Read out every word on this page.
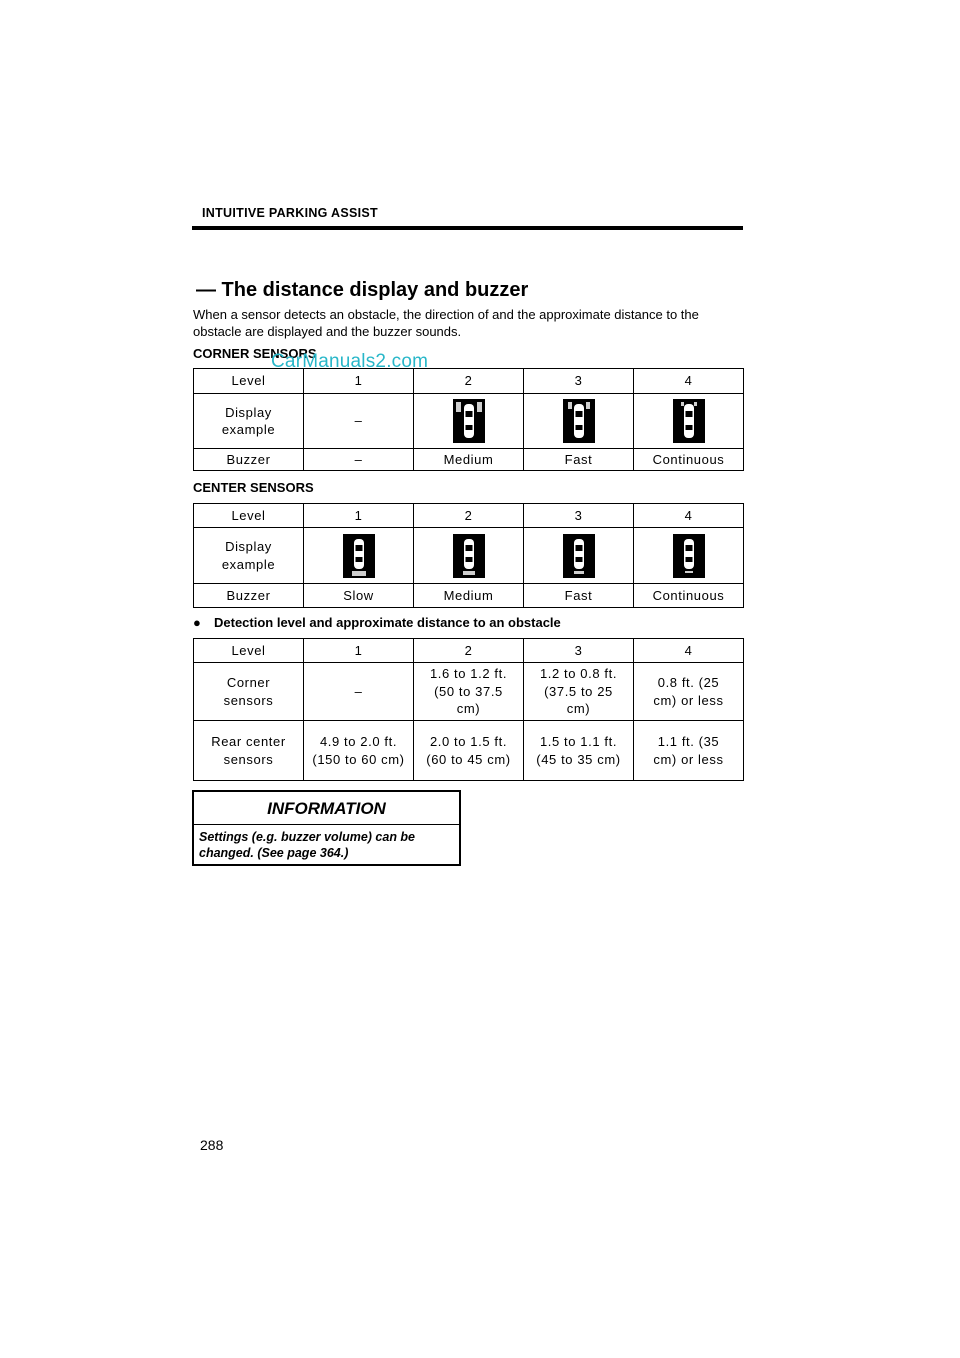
INTUITIVE PARKING ASSIST
— The distance display and buzzer
When a sensor detects an obstacle, the direction of and the approximate distance to the obstacle are displayed and the buzzer sounds.
CORNER SENSORS
CarManuals2.com
Level	1	2	3	4
Display example	–	

Buzzer	–	Medium	Fast	Continuous
CENTER SENSORS
Level	1	2	3	4
Display example	

Buzzer	Slow	Medium	Fast	Continuous
● Detection level and approximate distance to an obstacle
Level	1	2	3	4
Corner sensors	–	1.6 to 1.2 ft. (50 to 37.5 cm)	1.2 to 0.8 ft. (37.5 to 25 cm)	0.8 ft. (25 cm) or less
Rear center sensors	4.9 to 2.0 ft. (150 to 60 cm)	2.0 to 1.5 ft. (60 to 45 cm)	1.5 to 1.1 ft. (45 to 35 cm)	1.1 ft. (35 cm) or less
INFORMATION
Settings (e.g. buzzer volume) can be changed. (See page 364.)
288
